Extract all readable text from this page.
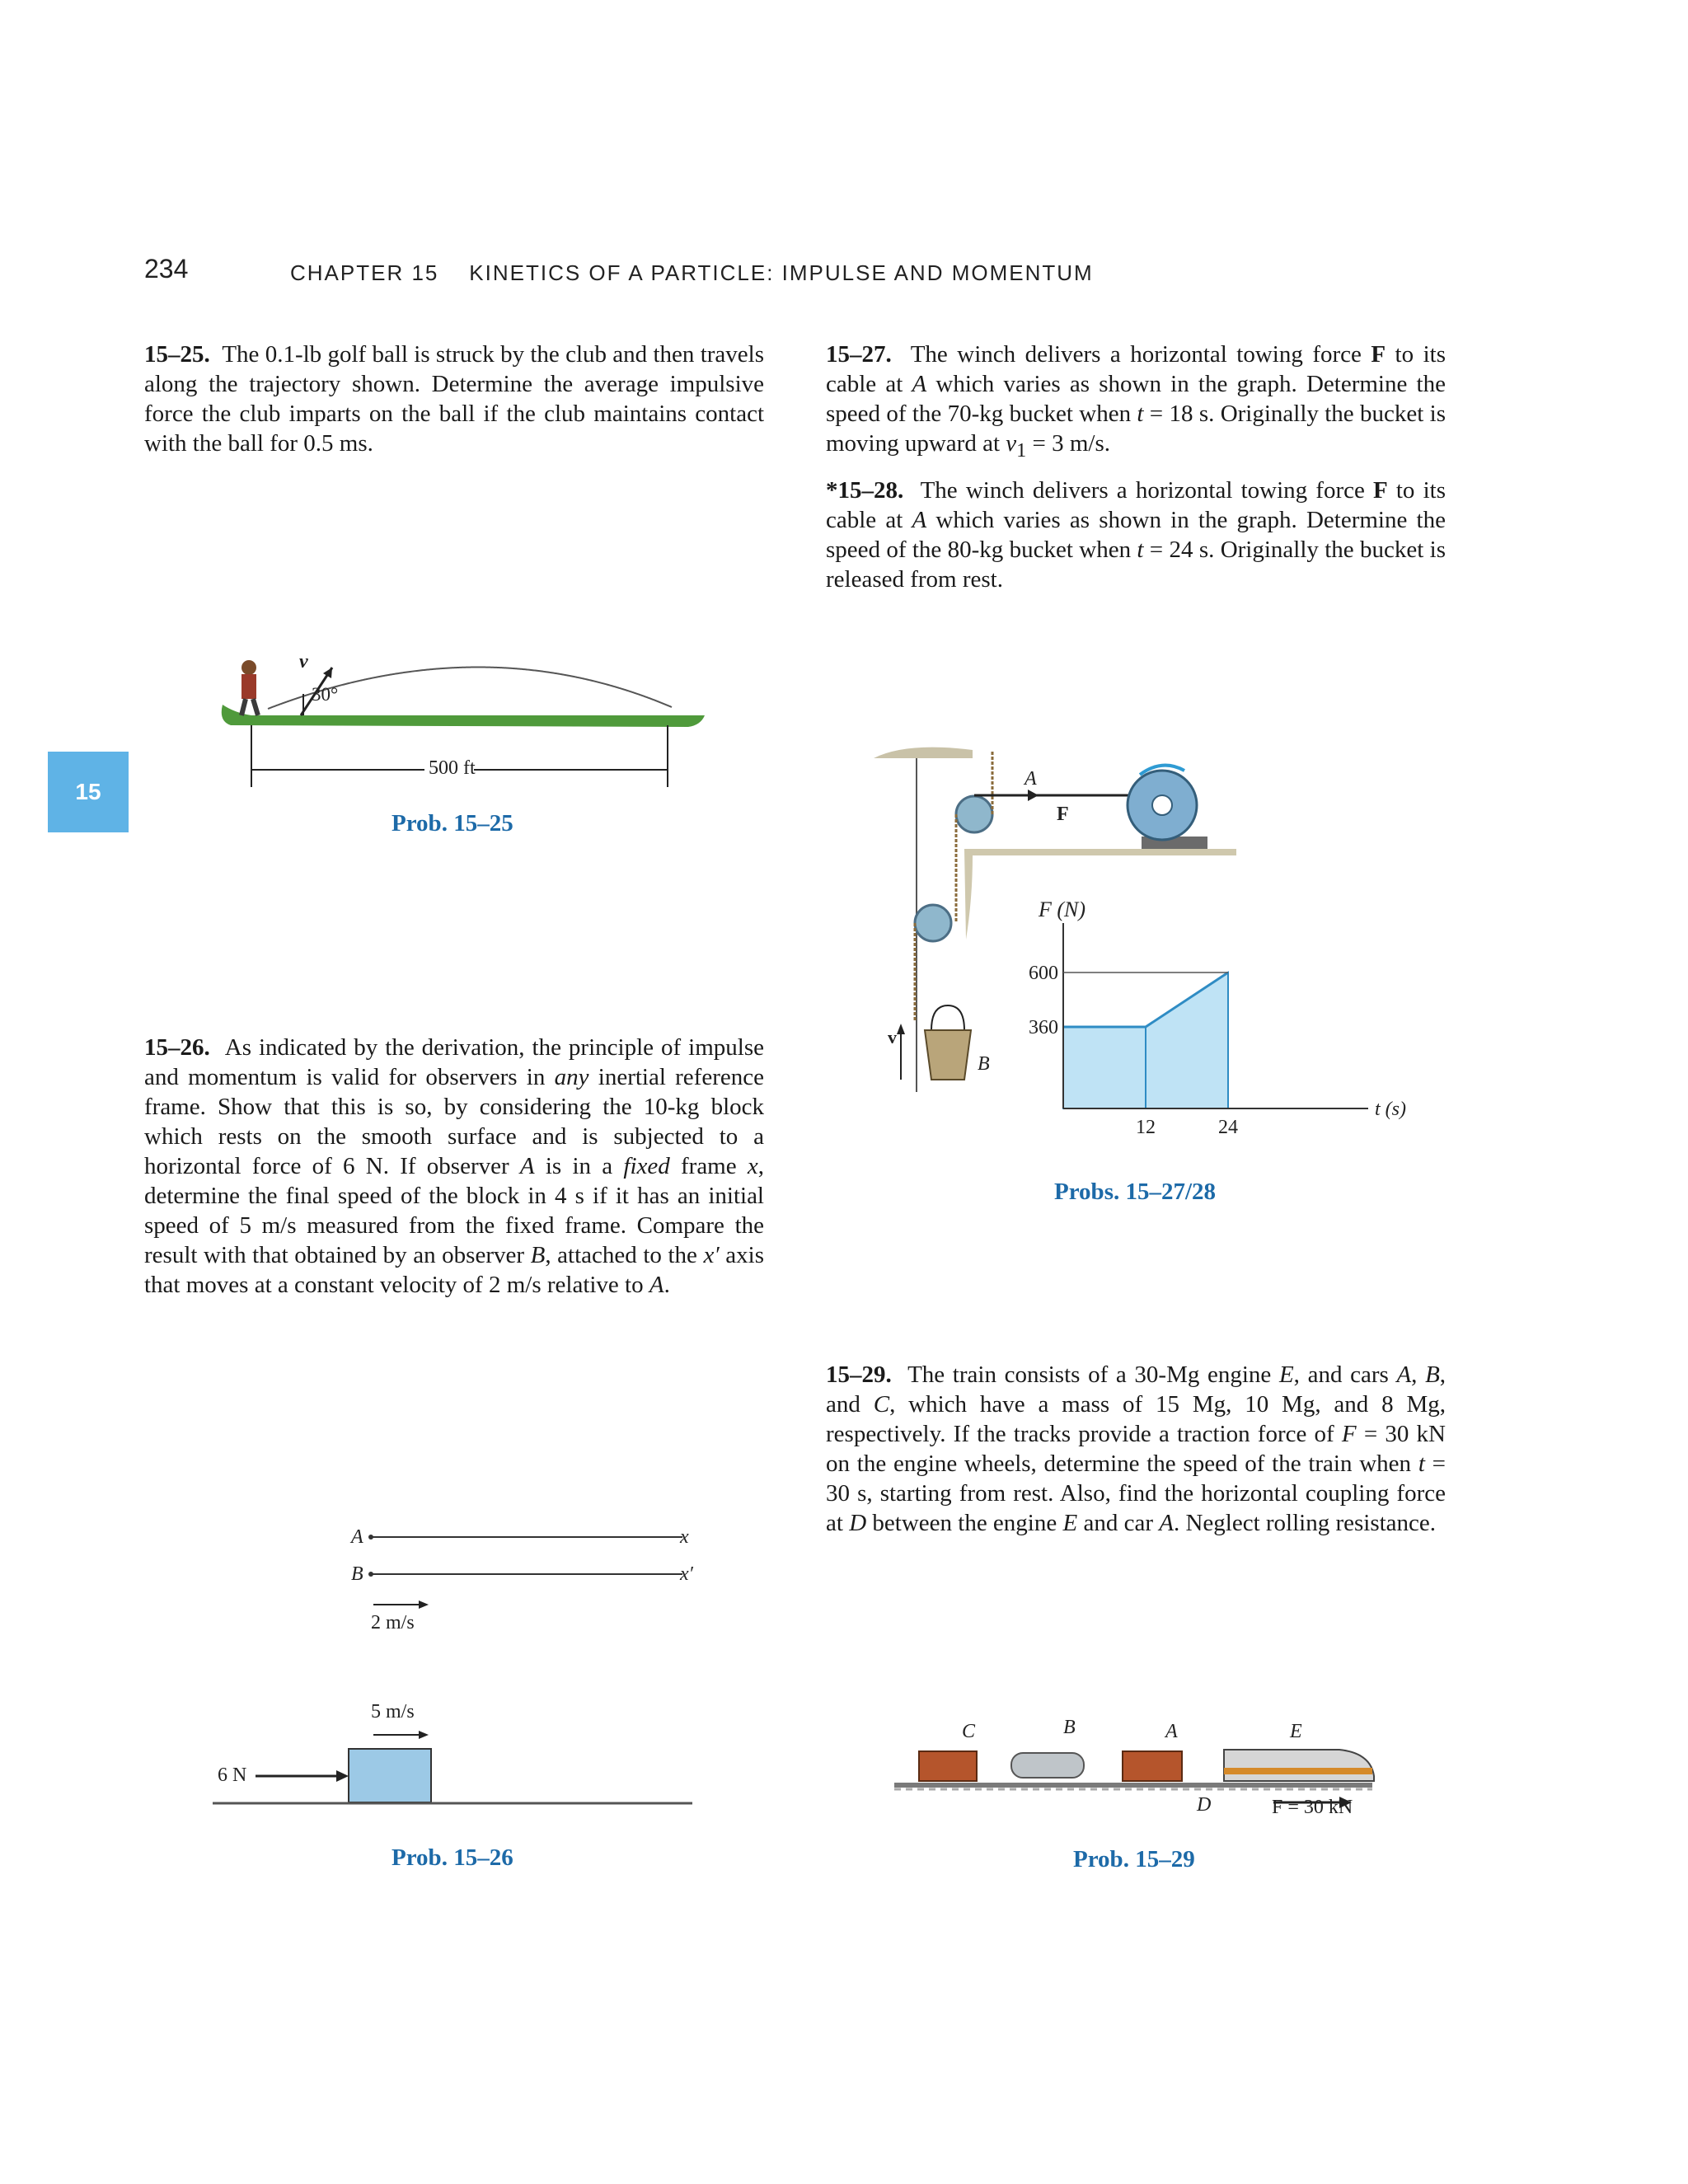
234	CHAPTER 15 KINETICS OF A PARTICLE: IMPULSE AND MOMENTUM
15
15–25. The 0.1-lb golf ball is struck by the club and then travels along the trajectory shown. Determine the average impulsive force the club imparts on the ball if the club maintains contact with the ball for 0.5 ms.
15–27. The winch delivers a horizontal towing force F to its cable at A which varies as shown in the graph. Determine the speed of the 70-kg bucket when t = 18 s. Originally the bucket is moving upward at $v_1 = 3$ m/s.
*15–28. The winch delivers a horizontal towing force F to its cable at A which varies as shown in the graph. Determine the speed of the 80-kg bucket when t = 24 s. Originally the bucket is released from rest.
v
30°
500 ft
Prob. 15–25
A
F
B
v	360
600
12	24
F (N)
t (s)
Probs. 15–27/28
15–26. As indicated by the derivation, the principle of impulse and momentum is valid for observers in any inertial reference frame. Show that this is so, by considering the 10-kg block which rests on the smooth surface and is subjected to a horizontal force of 6 N. If observer A is in a fixed frame x, determine the final speed of the block in 4 s if it has an initial speed of 5 m/s measured from the fixed frame. Compare the result with that obtained by an observer B, attached to the x′ axis that moves at a constant velocity of 2 m/s relative to A.
A
B
x
x′
2 m/s
5 m/s
6 N
Prob. 15–26
15–29. The train consists of a 30-Mg engine E, and cars A, B, and C, which have a mass of 15 Mg, 10 Mg, and 8 Mg, respectively. If the tracks provide a traction force of F = 30 kN on the engine wheels, determine the speed of the train when t = 30 s, starting from rest. Also, find the horizontal coupling force at D between the engine E and car A. Neglect rolling resistance.
C	B	A	E
D	F = 30 kN
Prob. 15–29
